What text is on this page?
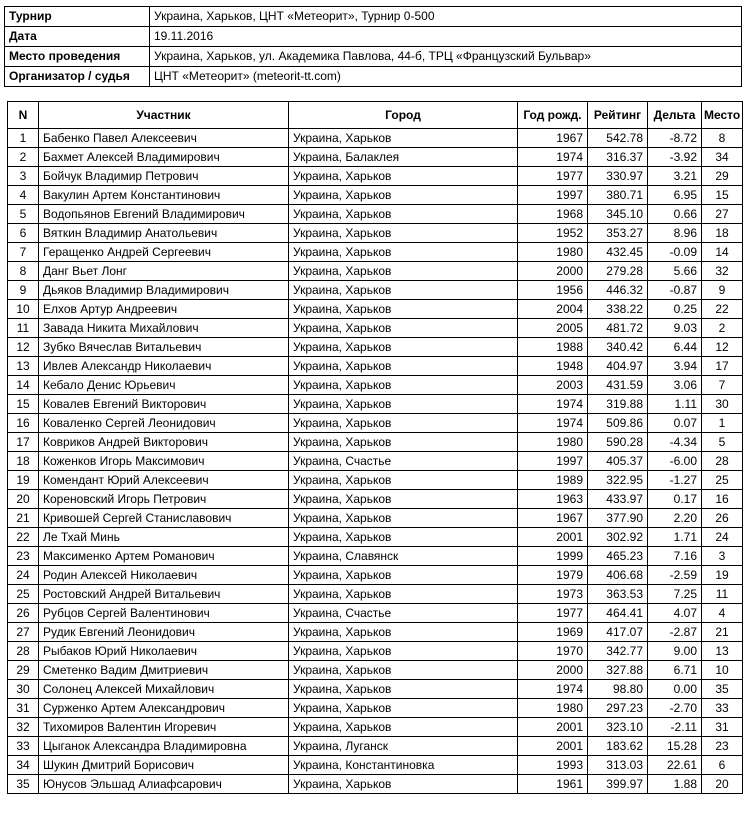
Турнир	Украина, Харьков, ЦНТ «Метеорит», Турнир 0-500
Дата	19.11.2016
Место проведения	Украина, Харьков, ул. Академика Павлова, 44-б, ТРЦ «Французский Бульвар»
Организатор / судья	ЦНТ «Метеорит» (meteorit-tt.com)
N	Участник	Город	Год рожд.	Рейтинг	Дельта	Место
1	Бабенко Павел Алексеевич	Украина, Харьков	1967	542.78	-8.72	8
2	Бахмет Алексей Владимирович	Украина, Балаклея	1974	316.37	-3.92	34
3	Бойчук Владимир Петрович	Украина, Харьков	1977	330.97	3.21	29
4	Вакулин Артем Константинович	Украина, Харьков	1997	380.71	6.95	15
5	Водопьянов Евгений Владимирович	Украина, Харьков	1968	345.10	0.66	27
6	Вяткин Владимир Анатольевич	Украина, Харьков	1952	353.27	8.96	18
7	Геращенко Андрей Сергеевич	Украина, Харьков	1980	432.45	-0.09	14
8	Данг Вьет Лонг	Украина, Харьков	2000	279.28	5.66	32
9	Дьяков Владимир Владимирович	Украина, Харьков	1956	446.32	-0.87	9
10	Елхов Артур Андреевич	Украина, Харьков	2004	338.22	0.25	22
11	Завада Никита Михайлович	Украина, Харьков	2005	481.72	9.03	2
12	Зубко Вячеслав Витальевич	Украина, Харьков	1988	340.42	6.44	12
13	Ивлев Александр Николаевич	Украина, Харьков	1948	404.97	3.94	17
14	Кебало Денис Юрьевич	Украина, Харьков	2003	431.59	3.06	7
15	Ковалев Евгений Викторович	Украина, Харьков	1974	319.88	1.11	30
16	Коваленко Сергей Леонидович	Украина, Харьков	1974	509.86	0.07	1
17	Ковриков Андрей Викторович	Украина, Харьков	1980	590.28	-4.34	5
18	Коженков Игорь Максимович	Украина, Счастье	1997	405.37	-6.00	28
19	Комендант Юрий Алексеевич	Украина, Харьков	1989	322.95	-1.27	25
20	Кореновский Игорь Петрович	Украина, Харьков	1963	433.97	0.17	16
21	Кривошей Сергей Станиславович	Украина, Харьков	1967	377.90	2.20	26
22	Ле Тхай Минь	Украина, Харьков	2001	302.92	1.71	24
23	Максименко Артем Романович	Украина, Славянск	1999	465.23	7.16	3
24	Родин Алексей Николаевич	Украина, Харьков	1979	406.68	-2.59	19
25	Ростовский Андрей Витальевич	Украина, Харьков	1973	363.53	7.25	11
26	Рубцов Сергей Валентинович	Украина, Счастье	1977	464.41	4.07	4
27	Рудик Евгений Леонидович	Украина, Харьков	1969	417.07	-2.87	21
28	Рыбаков Юрий Николаевич	Украина, Харьков	1970	342.77	9.00	13
29	Сметенко Вадим Дмитриевич	Украина, Харьков	2000	327.88	6.71	10
30	Солонец Алексей Михайлович	Украина, Харьков	1974	98.80	0.00	35
31	Сурженко Артем Александрович	Украина, Харьков	1980	297.23	-2.70	33
32	Тихомиров Валентин Игоревич	Украина, Харьков	2001	323.10	-2.11	31
33	Цыганок Александра Владимировна	Украина, Луганск	2001	183.62	15.28	23
34	Шукин Дмитрий Борисович	Украина, Константиновка	1993	313.03	22.61	6
35	Юнусов Эльшад Алиафсарович	Украина, Харьков	1961	399.97	1.88	20
